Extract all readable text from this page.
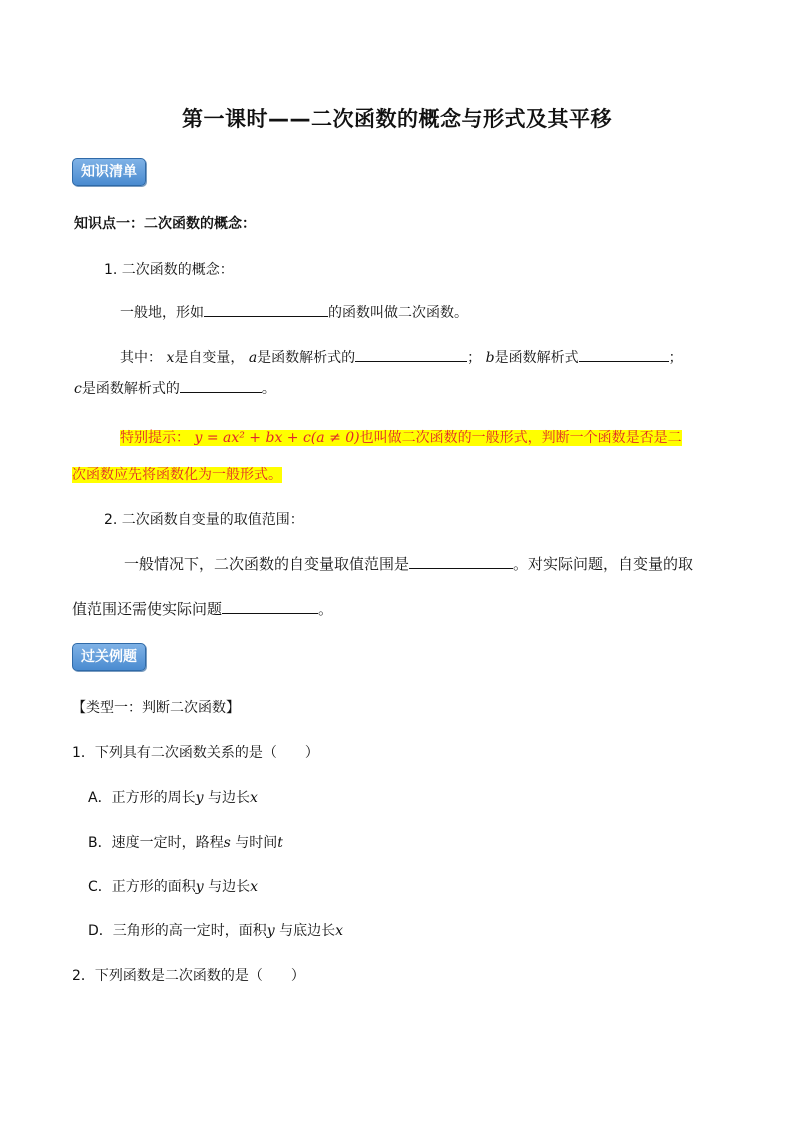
第一课时——二次函数的概念与形式及其平移
知识清单
知识点一：二次函数的概念：
1. 二次函数的概念：
一般地，形如	的函数叫做二次函数。
其中： x是自变量， a是函数解析式的	； b是函数解析式	；
c是函数解析式的	。
特别提示： y = ax² + bx + c(a ≠ 0)也叫做二次函数的一般形式，判断一个函数是否是二
次函数应先将函数化为一般形式。
2. 二次函数自变量的取值范围：
一般情况下，二次函数的自变量取值范围是	。对实际问题，自变量的取
值范围还需使实际问题	。
过关例题
【类型一：判断二次函数】
1．下列具有二次函数关系的是（　　）
A．正方形的周长y 与边长x
B．速度一定时，路程s 与时间t
C．正方形的面积y 与边长x
D．三角形的高一定时，面积y 与底边长x
2．下列函数是二次函数的是（　　）
